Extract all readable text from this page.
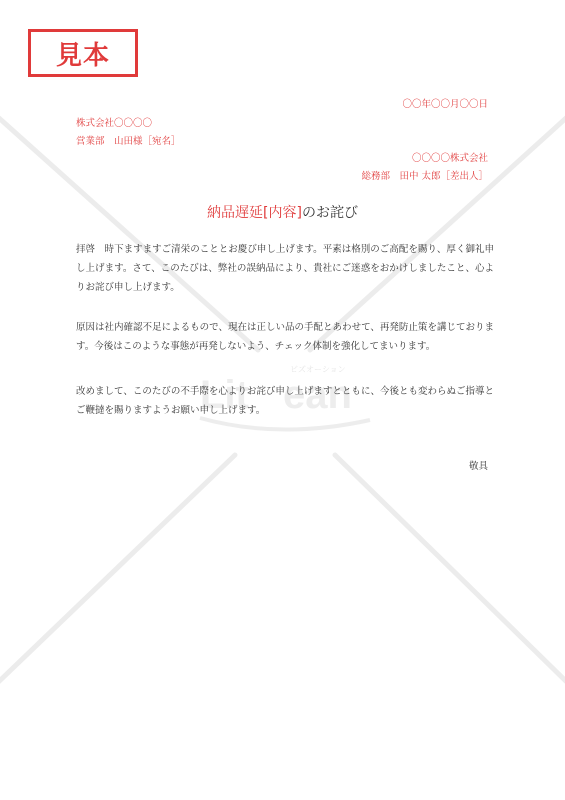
Lit ean
ビズオーション
見本
〇〇年〇〇月〇〇日
株式会社〇〇〇〇
営業部　山田様［宛名］
〇〇〇〇株式会社
総務部　田中 太郎［差出人］
納品遅延[内容]のお詫び

拝啓　時下ますますご清栄のこととお慶び申し上げます。平素は格別のご高配を賜り、厚く御礼申し上げます。さて、このたびは、弊社の誤納品により、貴社にご迷惑をおかけしましたこと、心よりお詫び申し上げます。

原因は社内確認不足によるもので、現在は正しい品の手配とあわせて、再発防止策を講じております。今後はこのような事態が再発しないよう、チェック体制を強化してまいります。

改めまして、このたびの不手際を心よりお詫び申し上げますとともに、今後とも変わらぬご指導とご鞭撻を賜りますようお願い申し上げます。

敬具
